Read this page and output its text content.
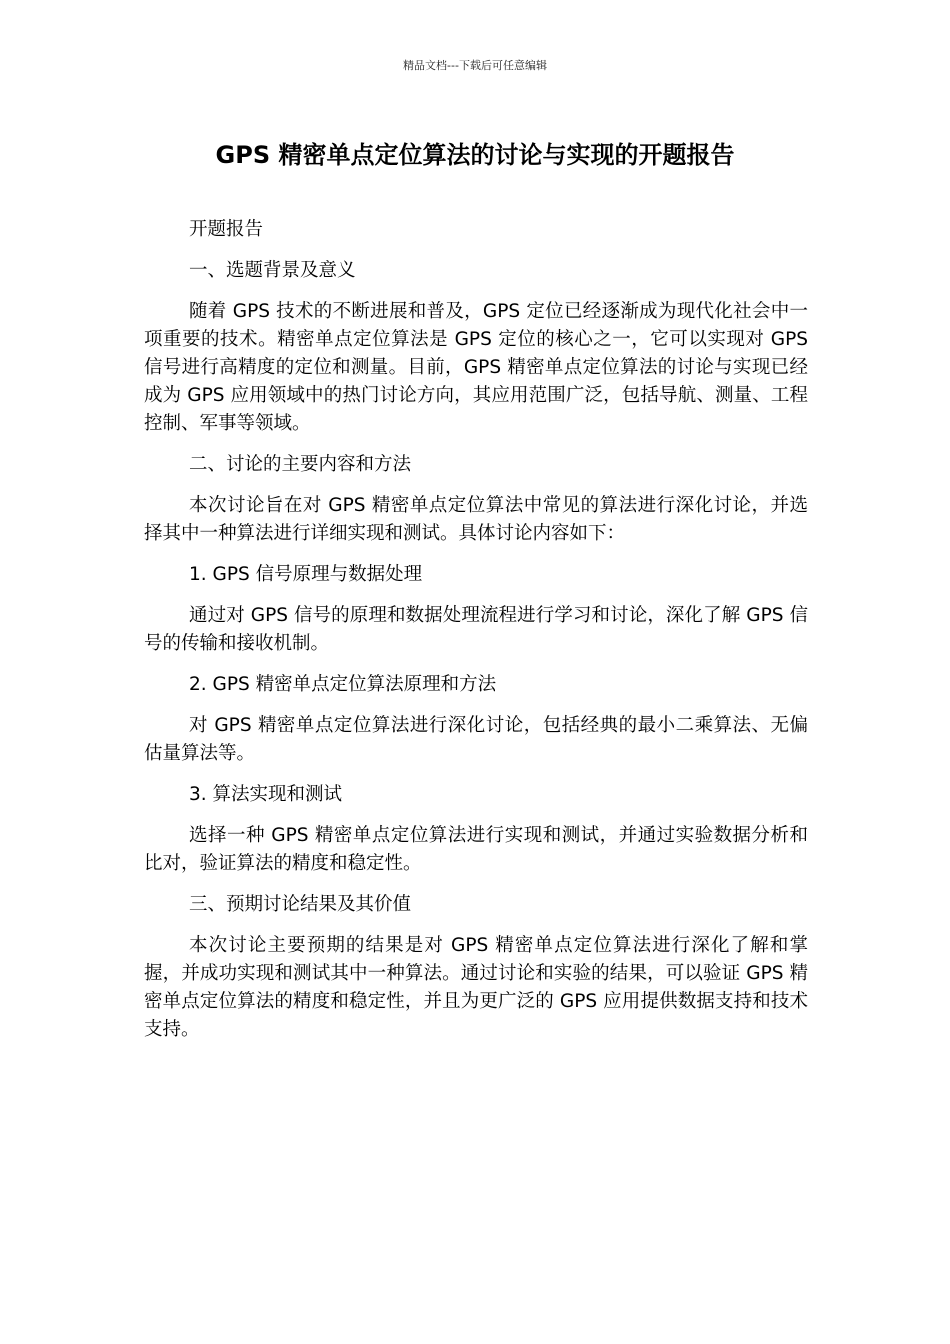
精品文档---下载后可任意编辑
GPS 精密单点定位算法的讨论与实现的开题报告

开题报告

一、选题背景及意义

随着 GPS 技术的不断进展和普及，GPS 定位已经逐渐成为现代化社会中一项重要的技术。精密单点定位算法是 GPS 定位的核心之一，它可以实现对 GPS 信号进行高精度的定位和测量。目前，GPS 精密单点定位算法的讨论与实现已经成为 GPS 应用领域中的热门讨论方向，其应用范围广泛，包括导航、测量、工程控制、军事等领域。

二、讨论的主要内容和方法

本次讨论旨在对 GPS 精密单点定位算法中常见的算法进行深化讨论，并选择其中一种算法进行详细实现和测试。具体讨论内容如下：

1. GPS 信号原理与数据处理

通过对 GPS 信号的原理和数据处理流程进行学习和讨论，深化了解 GPS 信号的传输和接收机制。

2. GPS 精密单点定位算法原理和方法

对 GPS 精密单点定位算法进行深化讨论，包括经典的最小二乘算法、无偏估量算法等。

3. 算法实现和测试

选择一种 GPS 精密单点定位算法进行实现和测试，并通过实验数据分析和比对，验证算法的精度和稳定性。

三、预期讨论结果及其价值

本次讨论主要预期的结果是对 GPS 精密单点定位算法进行深化了解和掌握，并成功实现和测试其中一种算法。通过讨论和实验的结果，可以验证 GPS 精密单点定位算法的精度和稳定性，并且为更广泛的 GPS 应用提供数据支持和技术支持。
